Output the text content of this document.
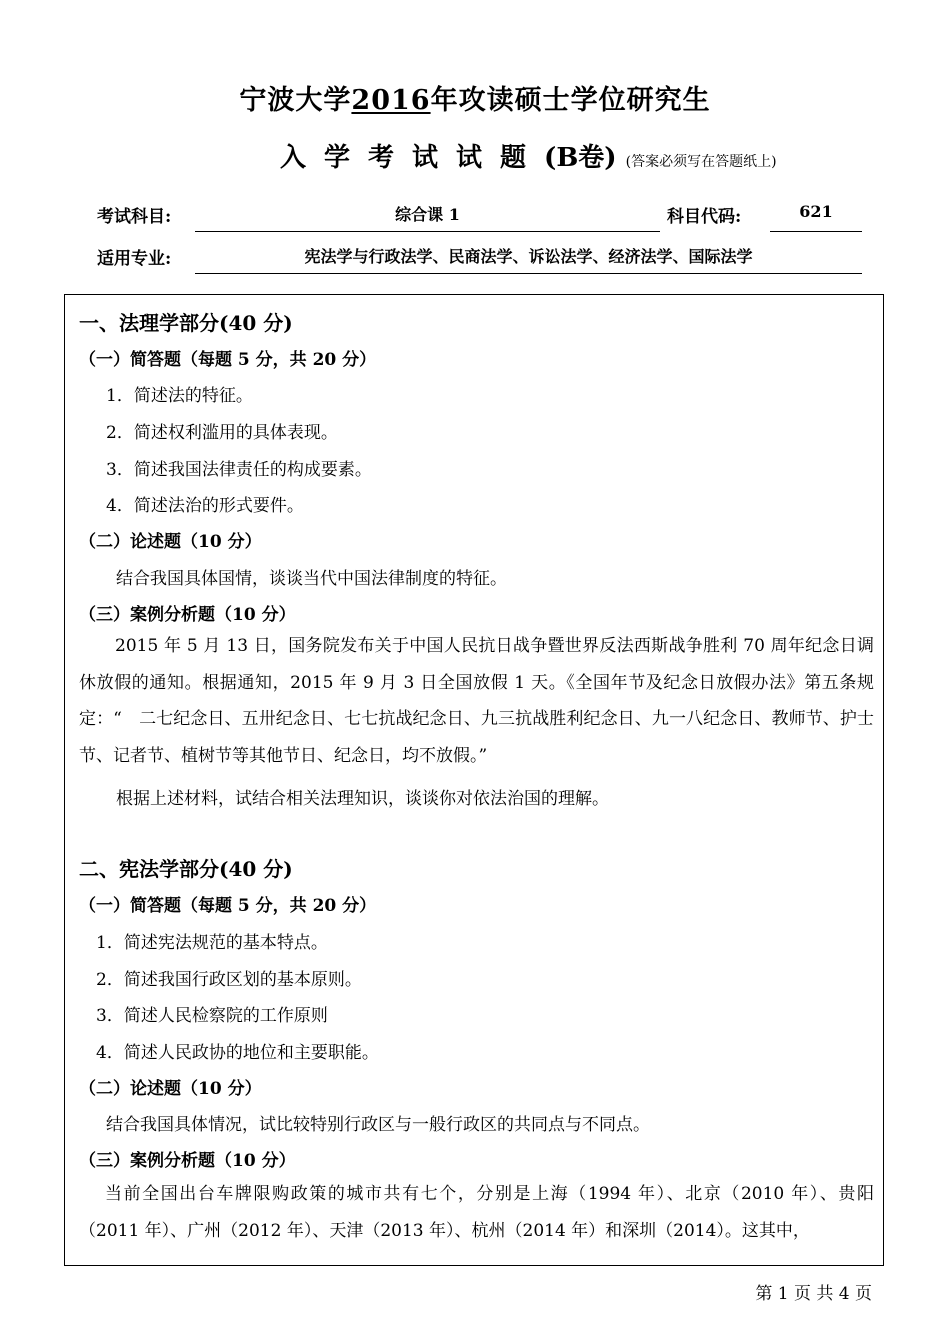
宁波大学2016年攻读硕士学位研究生
入学考试试题(B卷) (答案必须写在答题纸上)
考试科目:	综合课 1	科目代码:	621
适用专业:	宪法学与行政法学、民商法学、诉讼法学、经济法学、国际法学
一、法理学部分(40 分)
（一）简答题（每题 5 分，共 20 分）
1．简述法的特征。
2．简述权利滥用的具体表现。
3．简述我国法律责任的构成要素。
4．简述法治的形式要件。
（二）论述题（10 分）
结合我国具体国情，谈谈当代中国法律制度的特征。
（三）案例分析题（10 分）
2015 年 5 月 13 日，国务院发布关于中国人民抗日战争暨世界反法西斯战争胜利 70 周年纪念日调休放假的通知。根据通知，2015 年 9 月 3 日全国放假 1 天。《全国年节及纪念日放假办法》第五条规定：“　二七纪念日、五卅纪念日、七七抗战纪念日、九三抗战胜利纪念日、九一八纪念日、教师节、护士节、记者节、植树节等其他节日、纪念日，均不放假。”
根据上述材料，试结合相关法理知识，谈谈你对依法治国的理解。
二、宪法学部分(40 分)
（一）简答题（每题 5 分，共 20 分）
1．简述宪法规范的基本特点。
2．简述我国行政区划的基本原则。
3．简述人民检察院的工作原则
4．简述人民政协的地位和主要职能。
（二）论述题（10 分）
结合我国具体情况，试比较特别行政区与一般行政区的共同点与不同点。
（三）案例分析题（10 分）
当前全国出台车牌限购政策的城市共有七个，分别是上海（1994 年）、北京（2010 年）、贵阳（2011 年）、广州（2012 年）、天津（2013 年）、杭州（2014 年）和深圳（2014）。这其中，
第 1 页 共 4 页
